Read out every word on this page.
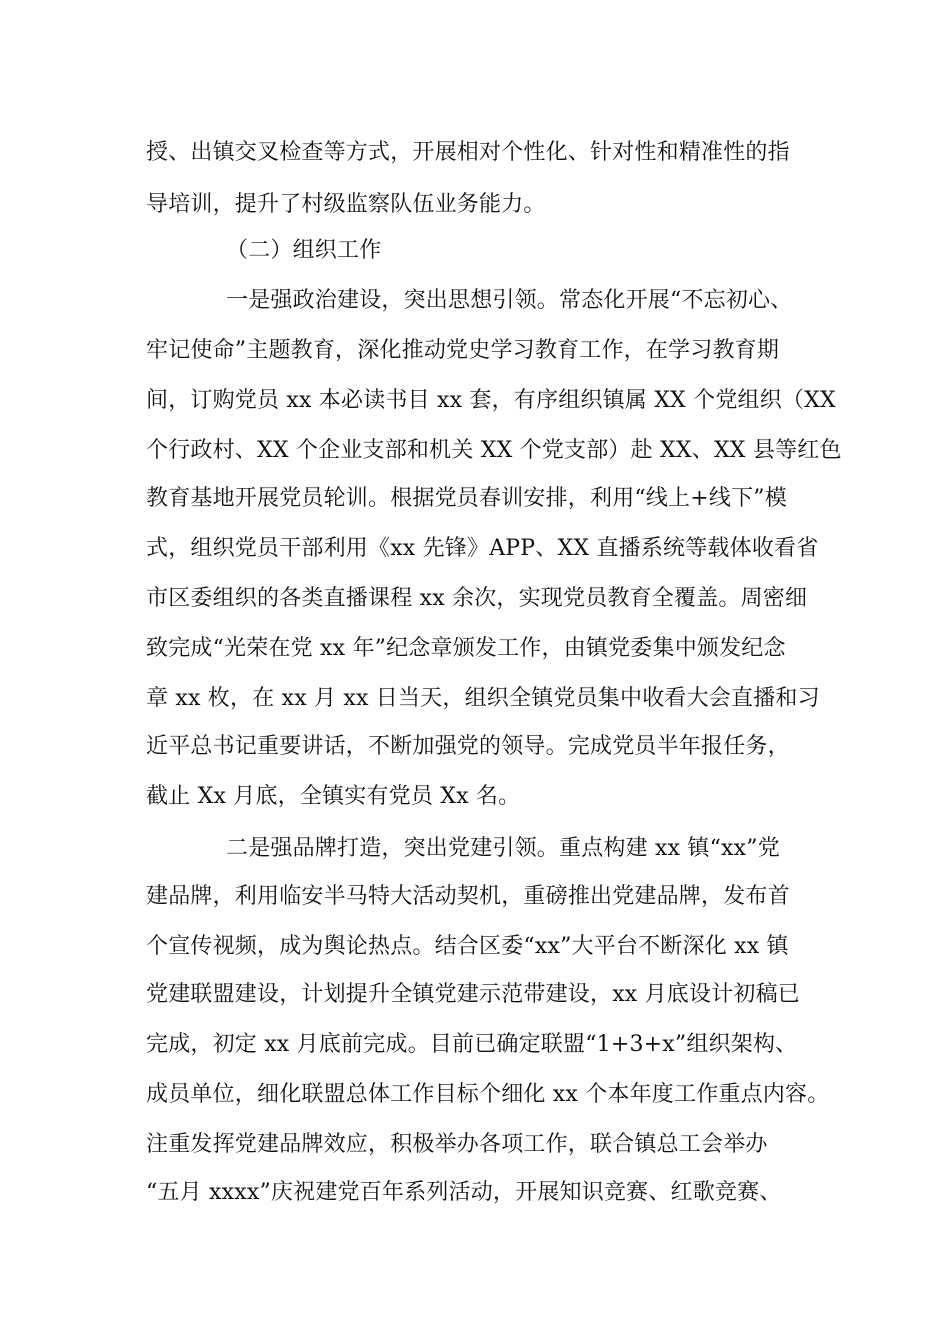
授、出镇交叉检查等方式，开展相对个性化、针对性和精准性的指
导培训，提升了村级监察队伍业务能力。
（二）组织工作
一是强政治建设，突出思想引领。常态化开展“不忘初心、
牢记使命”主题教育，深化推动党史学习教育工作，在学习教育期
间，订购党员 xx 本必读书目 xx 套，有序组织镇属 XX 个党组织（XX
个行政村、XX 个企业支部和机关 XX 个党支部）赴 XX、XX 县等红色
教育基地开展党员轮训。根据党员春训安排，利用“线上+线下”模
式，组织党员干部利用《xx 先锋》APP、XX 直播系统等载体收看省
市区委组织的各类直播课程 xx 余次，实现党员教育全覆盖。周密细
致完成“光荣在党 xx 年”纪念章颁发工作，由镇党委集中颁发纪念
章 xx 枚，在 xx 月 xx 日当天，组织全镇党员集中收看大会直播和习
近平总书记重要讲话，不断加强党的领导。完成党员半年报任务，
截止 Xx 月底，全镇实有党员 Xx 名。
二是强品牌打造，突出党建引领。重点构建 xx 镇“xx”党
建品牌，利用临安半马特大活动契机，重磅推出党建品牌，发布首
个宣传视频，成为舆论热点。结合区委“xx”大平台不断深化 xx 镇
党建联盟建设，计划提升全镇党建示范带建设，xx 月底设计初稿已
完成，初定 xx 月底前完成。目前已确定联盟“1+3+x”组织架构、
成员单位，细化联盟总体工作目标个细化 xx 个本年度工作重点内容。
注重发挥党建品牌效应，积极举办各项工作，联合镇总工会举办
“五月 xxxx”庆祝建党百年系列活动，开展知识竞赛、红歌竞赛、
